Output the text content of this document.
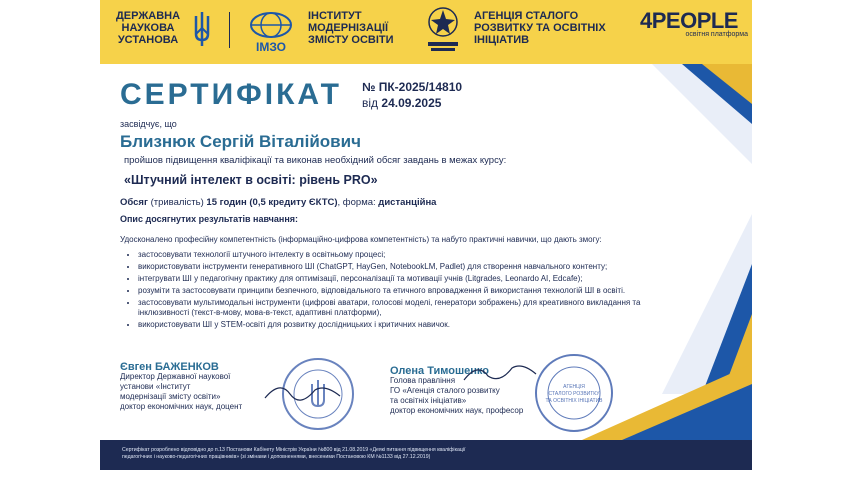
ДЕРЖАВНА НАУКОВА УСТАНОВА	ІМЗО
ІНСТИТУТ МОДЕРНІЗАЦІЇ ЗМІСТУ ОСВІТИ
АГЕНЦІЯ СТАЛОГО РОЗВИТКУ ТА ОСВІТНІХ ІНІЦІАТИВ
4PEOPLE
освітня платформа
СЕРТИФІКАТ № ПК-2025/14810
від 24.09.2025
засвідчує, що
Близнюк Сергій Віталійович
пройшов підвищення кваліфікації та виконав необхідний обсяг завдань в межах курсу:
«Штучний інтелект в освіті: рівень PRO»
Обсяг (тривалість) 15 годин (0,5 кредиту ЄКТС), форма: дистанційна
Опис досягнутих результатів навчання:
Удосконалено професійну компетентність (інформаційно-цифрова компетентність) та набуто практичні навички, що дають змогу:
• застосовувати технології штучного інтелекту в освітньому процесі;
• використовувати інструменти генеративного ШІ (ChatGPT, HayGen, NotebookLM, Padlet) для створення навчального контенту;
• інтегрувати ШІ у педагогічну практику для оптимізації, персоналізації та мотивації учнів (Litgrades, Leonardo AI, Edcafe);
• розуміти та застосовувати принципи безпечного, відповідального та етичного впровадження й використання технологій ШІ в освіті.
• застосовувати мультимодальні інструменти (цифрові аватари, голосові моделі, генератори зображень) для креативного викладання та інклюзивності (текст-в-мову, мова-в-текст, адаптивні платформи),
• використовувати ШІ у STEM-освіті для розвитку дослідницьких і критичних навичок.
Євген БАЖЕНКОВ
Директор Державної наукової
установи «Інститут
модернізації змісту освіти»
доктор економічних наук, доцент
Олена Тимошенко
Голова правління
ГО «Агенція сталого розвитку
та освітніх ініціатив»
доктор економічних наук, професор
АГЕНЦІЯ
СТАЛОГО РОЗВИТКУ
ТА ОСВІТНІХ ІНІЦІАТИВ
Сертифікат розроблено відповідно до п.13 Постанови Кабінету Міністрів України №800 від 21.08.2019 «Деякі питання підвищення кваліфікації
педагогічних і науково-педагогічних працівників» (зі змінами і доповненнями, внесеними Постановою КМ №1133 від 27.12.2019)
